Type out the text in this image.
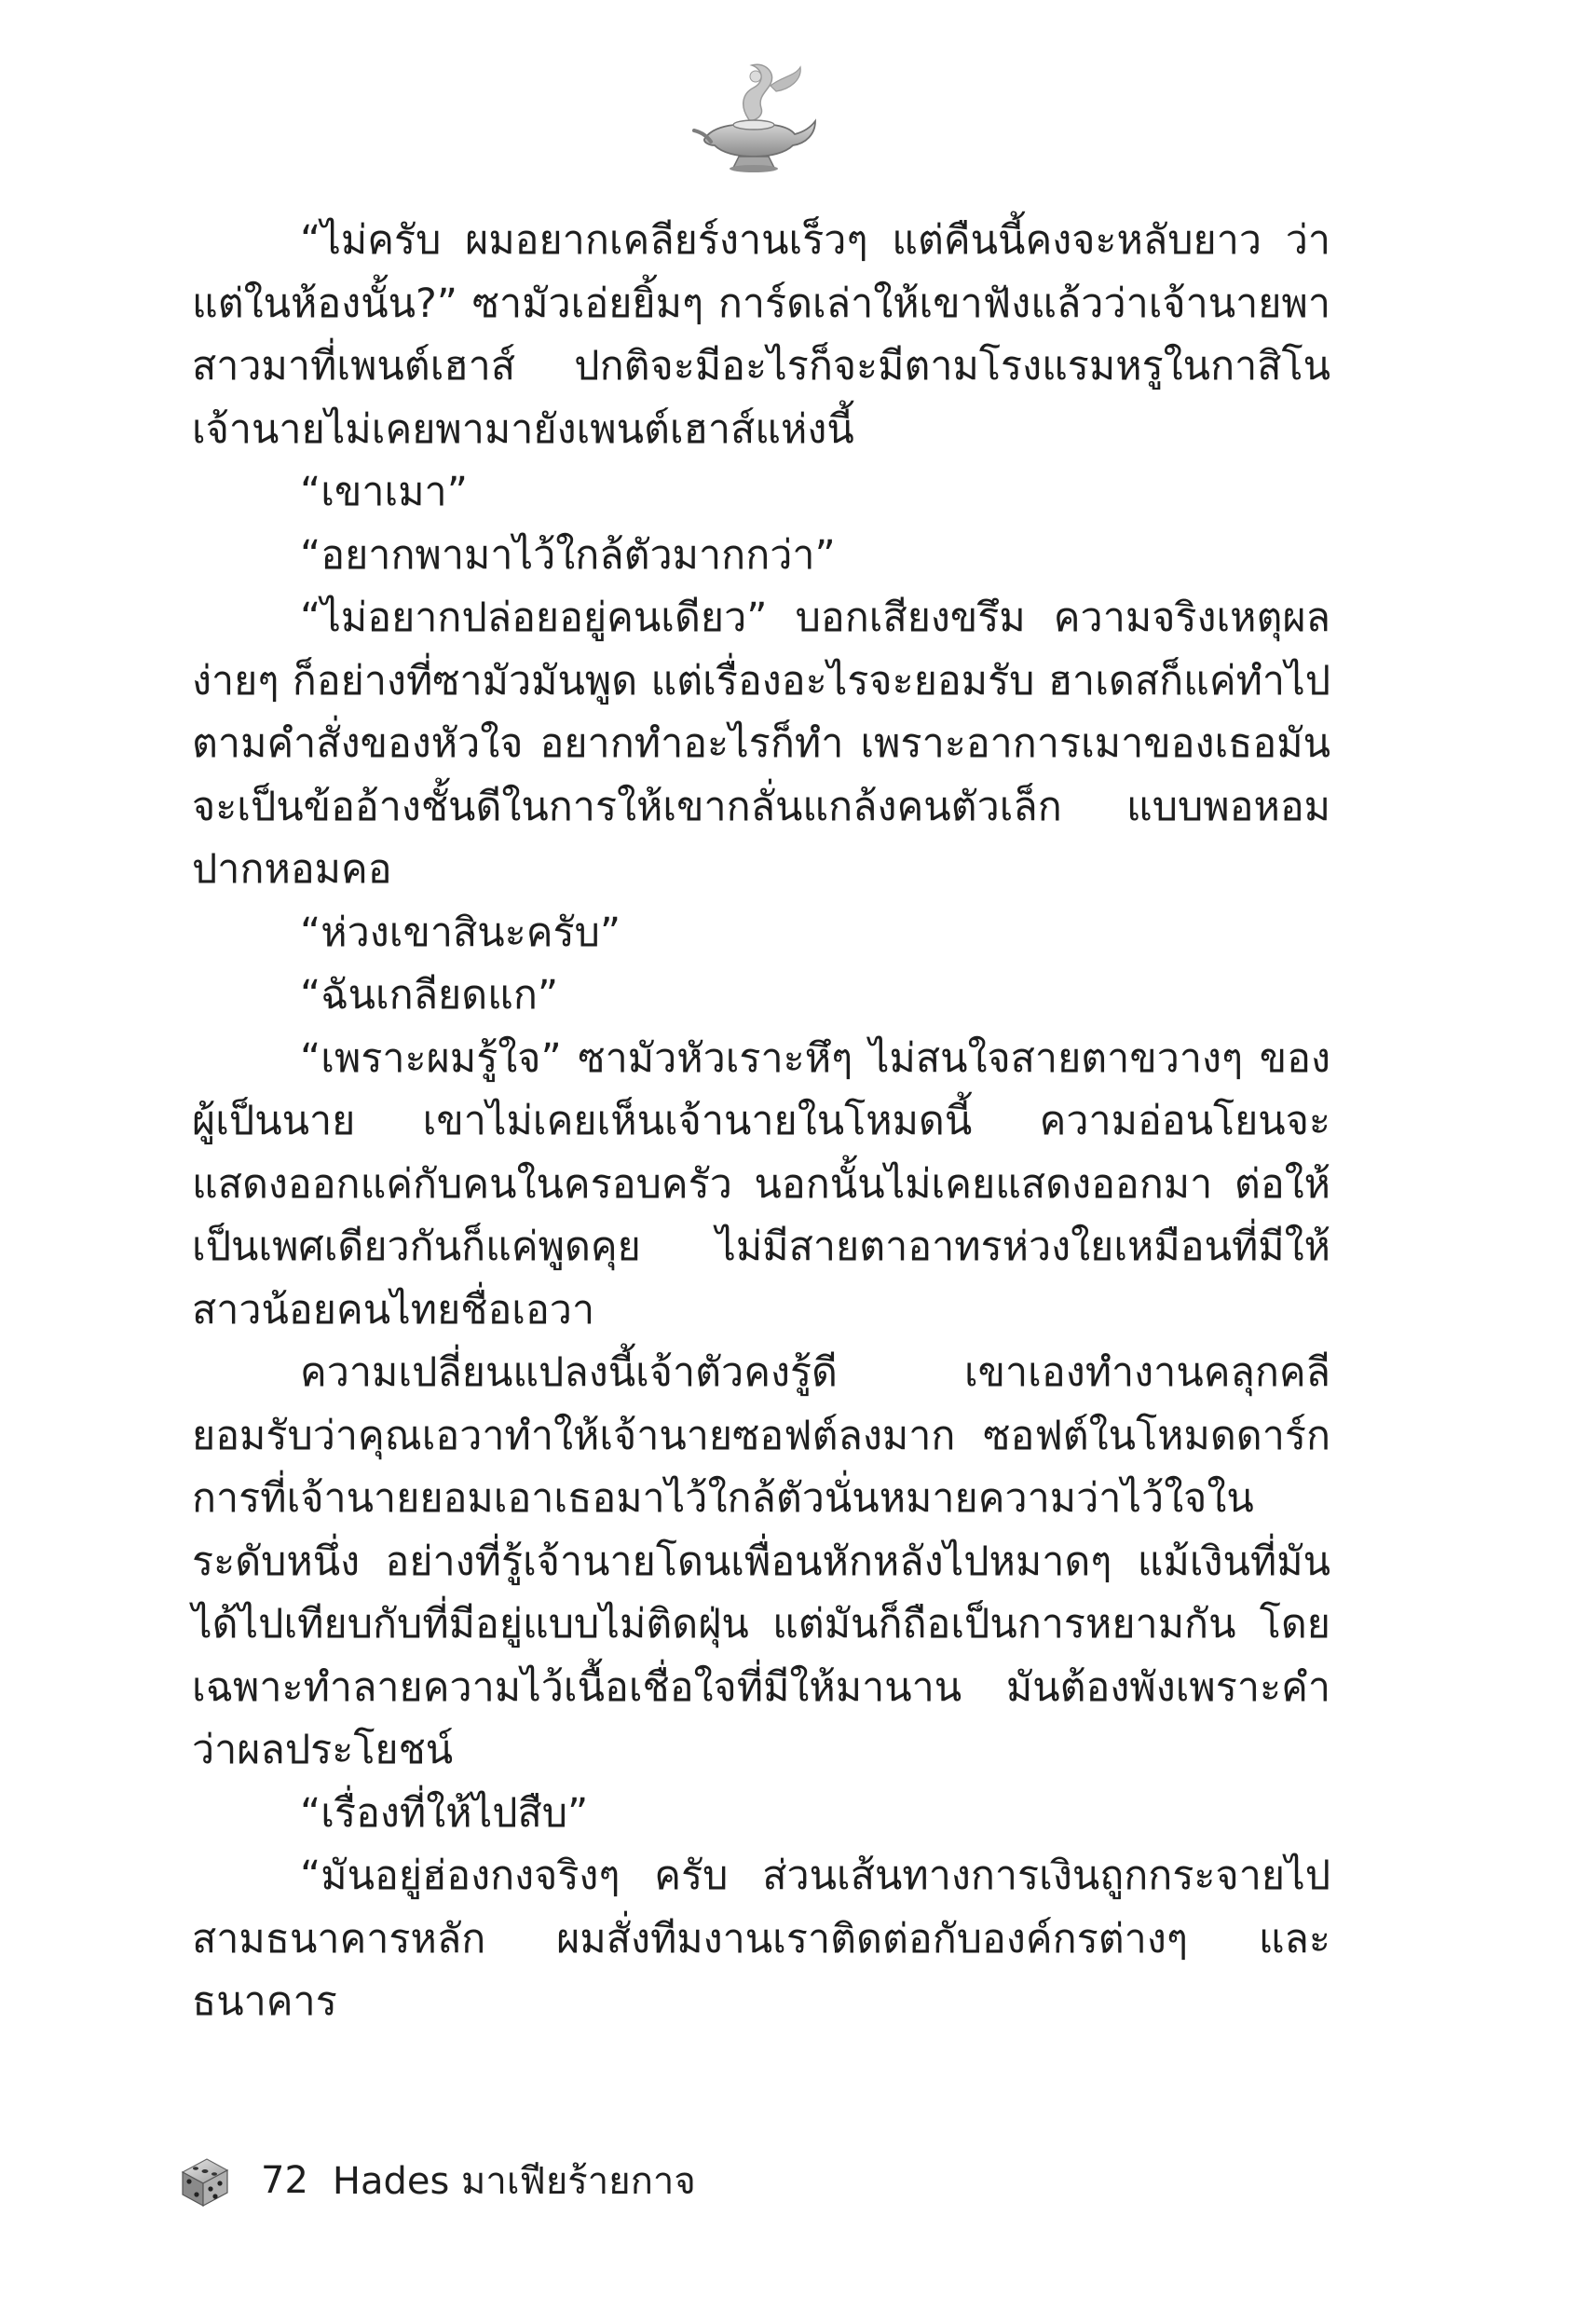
“ไม่ครับ ผมอยากเคลียร์งานเร็วๆ แต่คืนนี้คงจะหลับยาว ว่าแต่ในห้องนั้น?” ซามัวเอ่ยยิ้มๆ การ์ดเล่าให้เขาฟังแล้วว่าเจ้านายพาสาวมาที่เพนต์เฮาส์ ปกติจะมีอะไรก็จะมีตามโรงแรมหรูในกาสิโน เจ้านายไม่เคยพามายังเพนต์เฮาส์แห่งนี้

“เขาเมา”

“อยากพามาไว้ใกล้ตัวมากกว่า”

“ไม่อยากปล่อยอยู่คนเดียว” บอกเสียงขรึม ความจริงเหตุผลง่ายๆ ก็อย่างที่ซามัวมันพูด แต่เรื่องอะไรจะยอมรับ ฮาเดสก็แค่ทำไปตามคำสั่งของหัวใจ อยากทำอะไรก็ทำ เพราะอาการเมาของเธอมันจะเป็นข้ออ้างชั้นดีในการให้เขากลั่นแกล้งคนตัวเล็ก แบบพอหอมปากหอมคอ

“ห่วงเขาสินะครับ”

“ฉันเกลียดแก”

“เพราะผมรู้ใจ” ซามัวหัวเราะหึๆ ไม่สนใจสายตาขวางๆ ของผู้เป็นนาย เขาไม่เคยเห็นเจ้านายในโหมดนี้ ความอ่อนโยนจะแสดงออกแค่กับคนในครอบครัว นอกนั้นไม่เคยแสดงออกมา ต่อให้เป็นเพศเดียวกันก็แค่พูดคุย ไม่มีสายตาอาทรห่วงใยเหมือนที่มีให้สาวน้อยคนไทยชื่อเอวา

ความเปลี่ยนแปลงนี้เจ้าตัวคงรู้ดี เขาเองทำงานคลุกคลียอมรับว่าคุณเอวาทำให้เจ้านายซอฟต์ลงมาก ซอฟต์ในโหมดดาร์ก การที่เจ้านายยอมเอาเธอมาไว้ใกล้ตัวนั่นหมายความว่าไว้ใจในระดับหนึ่ง อย่างที่รู้เจ้านายโดนเพื่อนหักหลังไปหมาดๆ แม้เงินที่มันได้ไปเทียบกับที่มีอยู่แบบไม่ติดฝุ่น แต่มันก็ถือเป็นการหยามกัน โดยเฉพาะทำลายความไว้เนื้อเชื่อใจที่มีให้มานาน มันต้องพังเพราะคำว่าผลประโยชน์

“เรื่องที่ให้ไปสืบ”

“มันอยู่ฮ่องกงจริงๆ ครับ ส่วนเส้นทางการเงินถูกกระจายไปสามธนาคารหลัก ผมสั่งทีมงานเราติดต่อกับองค์กรต่างๆ และธนาคาร

72 Hades มาเฟียร้ายกาจ
